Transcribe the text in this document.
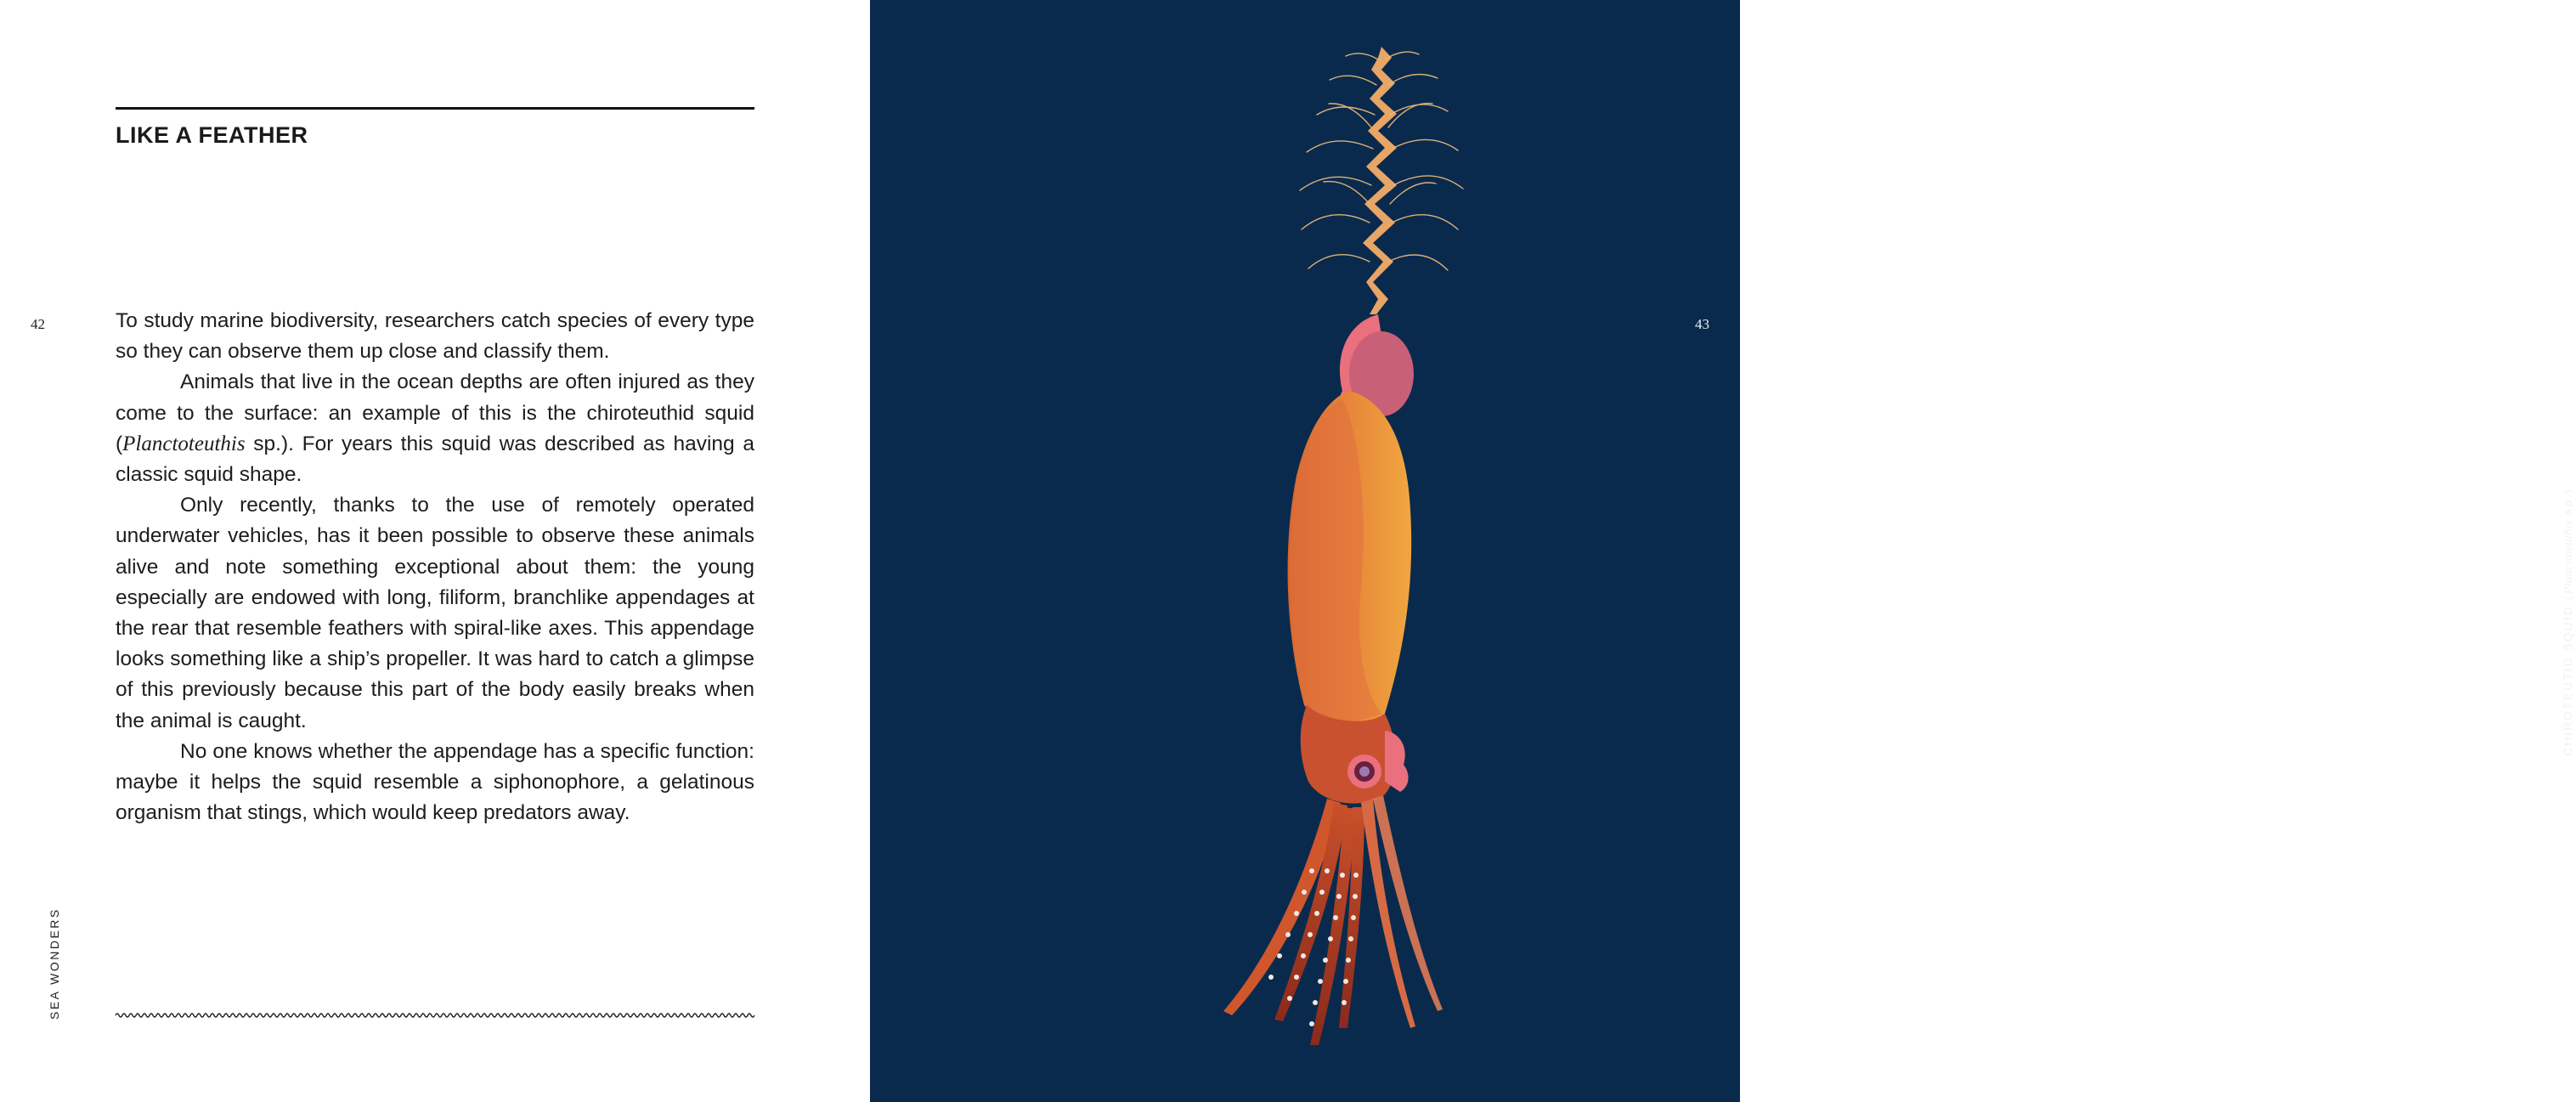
LIKE A FEATHER
42	To study marine biodiversity, researchers catch species of every type so they can observe them up close and classify them.

Animals that live in the ocean depths are often injured as they come to the surface: an example of this is the chiroteuthid squid (Planctoteuthis sp.). For years this squid was described as having a classic squid shape.

Only recently, thanks to the use of remotely operated underwater vehicles, has it been possible to observe these animals alive and note something exceptional about them: the young especially are endowed with long, filiform, branchlike appendages at the rear that resemble feathers with spiral-like axes. This appendage looks something like a ship’s propeller. It was hard to catch a glimpse of this previously because this part of the body easily breaks when the animal is caught.

No one knows whether the appendage has a specific function: maybe it helps the squid resemble a siphonophore, a gelatinous organism that stings, which would keep predators away.

SEA WONDERS
43
CHIROTEUTID SQUID (Planctoteuthis sp.)
